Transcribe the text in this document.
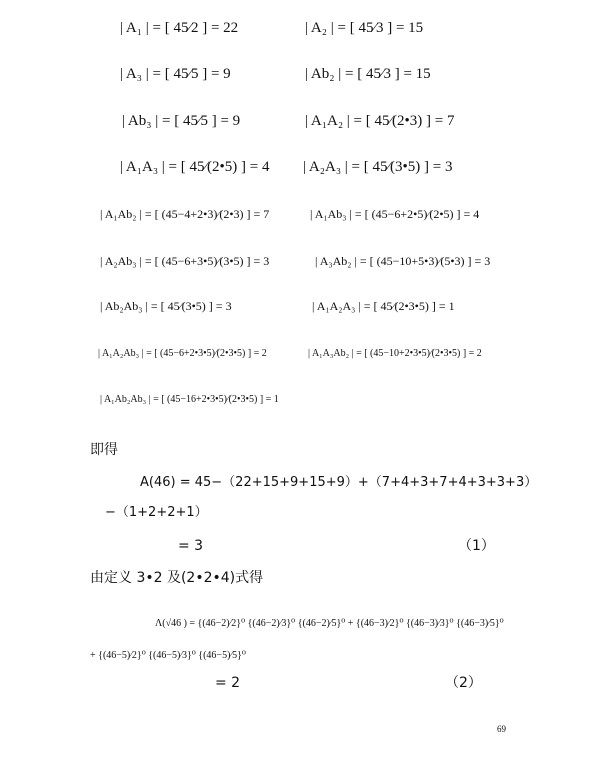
| A₁ | = [ 45⁄2 ] = 22	| A₂ | = [ 45⁄3 ] = 15
| A₃ | = [ 45⁄5 ] = 9	| Ab₂ | = [ 45⁄3 ] = 15
| Ab₃ | = [ 45⁄5 ] = 9	| A₁A₂ | = [ 45⁄(2•3) ] = 7
| A₁A₃ | = [ 45⁄(2•5) ] = 4 | A₂A₃ | = [ 45⁄(3•5) ] = 3
| A₁Ab₂ | = [ (45−4+2•3)⁄(2•3) ] = 7	| A₁Ab₃ | = [ (45−6+2•5)⁄(2•5) ] = 4
| A₂Ab₃ | = [ (45−6+3•5)⁄(3•5) ] = 3	| A₃Ab₂ | = [ (45−10+5•3)⁄(5•3) ] = 3
| Ab₂Ab₃ | = [ 45⁄(3•5) ] = 3	| A₁A₂A₃ | = [ 45⁄(2•3•5) ] = 1
| A₁A₂Ab₃ | = [ (45−6+2•3•5)⁄(2•3•5) ] = 2	| A₁A₃Ab₂ | = [ (45−10+2•3•5)⁄(2•3•5) ] = 2
| A₁Ab₂Ab₃ | = [ (45−16+2•3•5)⁄(2•3•5) ] = 1
即得
A(46) = 45−（22+15+9+15+9）+（7+4+3+7+4+3+3+3）
−（1+2+2+1）
= 3	（1）
由定义 3•2 及(2•2•4)式得
Λ(√46 ) = {(46−2)⁄2}⁰ {(46−2)⁄3}⁰ {(46−2)⁄5}⁰ + {(46−3)⁄2}⁰ {(46−3)⁄3}⁰ {(46−3)⁄5}⁰
+ {(46−5)⁄2}⁰ {(46−5)⁄3}⁰ {(46−5)⁄5}⁰
= 2	（2）
69
